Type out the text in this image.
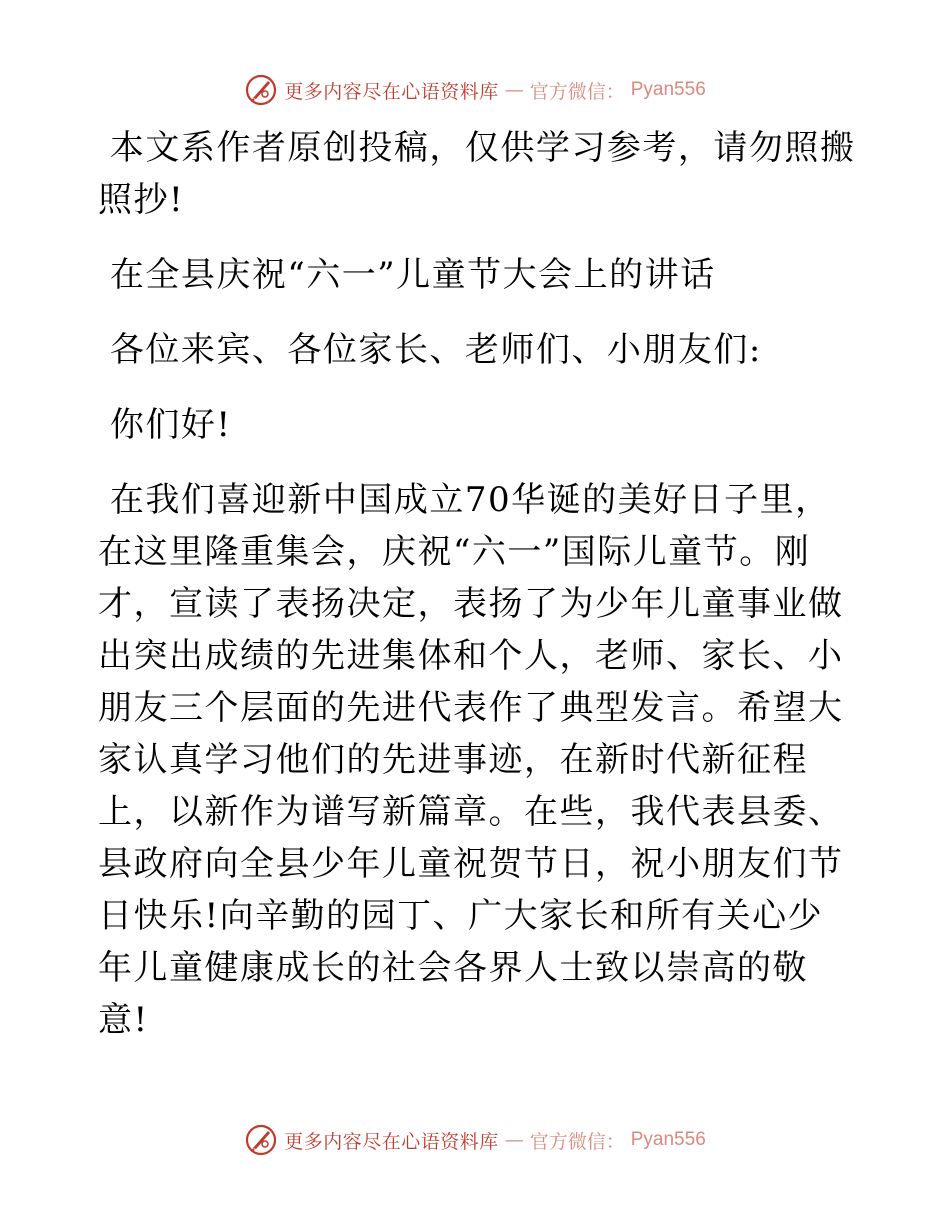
更多内容尽在心语资料库 — 官方微信： Pyan556

本文系作者原创投稿，仅供学习参考，请勿照搬照抄!

在全县庆祝“六一”儿童节大会上的讲话

各位来宾、各位家长、老师们、小朋友们:

你们好!

在我们喜迎新中国成立70华诞的美好日子里，在这里隆重集会，庆祝“六一”国际儿童节。刚才，宣读了表扬决定，表扬了为少年儿童事业做出突出成绩的先进集体和个人，老师、家长、小朋友三个层面的先进代表作了典型发言。希望大家认真学习他们的先进事迹，在新时代新征程上，以新作为谱写新篇章。在些，我代表县委、县政府向全县少年儿童祝贺节日，祝小朋友们节日快乐!向辛勤的园丁、广大家长和所有关心少年儿童健康成长的社会各界人士致以崇高的敬意!

更多内容尽在心语资料库 — 官方微信： Pyan556
